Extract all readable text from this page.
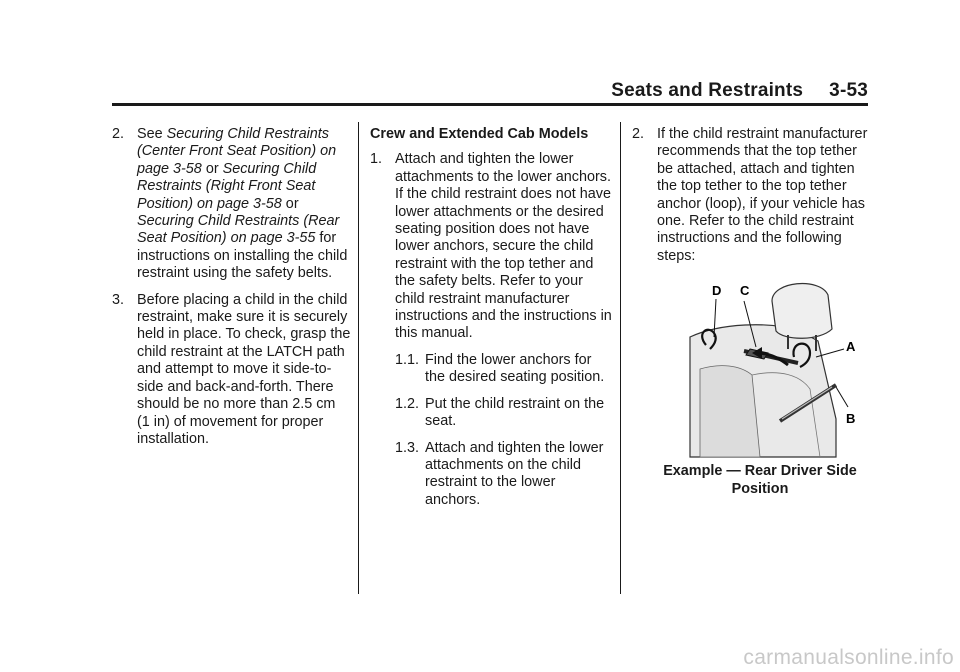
Seats and Restraints 3-53
2. See Securing Child Restraints (Center Front Seat Position) on page 3-58 or Securing Child Restraints (Right Front Seat Position) on page 3-58 or Securing Child Restraints (Rear Seat Position) on page 3-55 for instructions on installing the child restraint using the safety belts.
3. Before placing a child in the child restraint, make sure it is securely held in place. To check, grasp the child restraint at the LATCH path and attempt to move it side-to-side and back-and-forth. There should be no more than 2.5 cm (1 in) of movement for proper installation.
Crew and Extended Cab Models
1. Attach and tighten the lower attachments to the lower anchors. If the child restraint does not have lower attachments or the desired seating position does not have lower anchors, secure the child restraint with the top tether and the safety belts. Refer to your child restraint manufacturer instructions and the instructions in this manual.
1.1. Find the lower anchors for the desired seating position.
1.2. Put the child restraint on the seat.
1.3. Attach and tighten the lower attachments on the child restraint to the lower anchors.
2. If the child restraint manufacturer recommends that the top tether be attached, attach and tighten the top tether to the top tether anchor (loop), if your vehicle has one. Refer to the child restraint instructions and the following steps:
D C
A
B
Example — Rear Driver Side Position
carmanualsonline.info
